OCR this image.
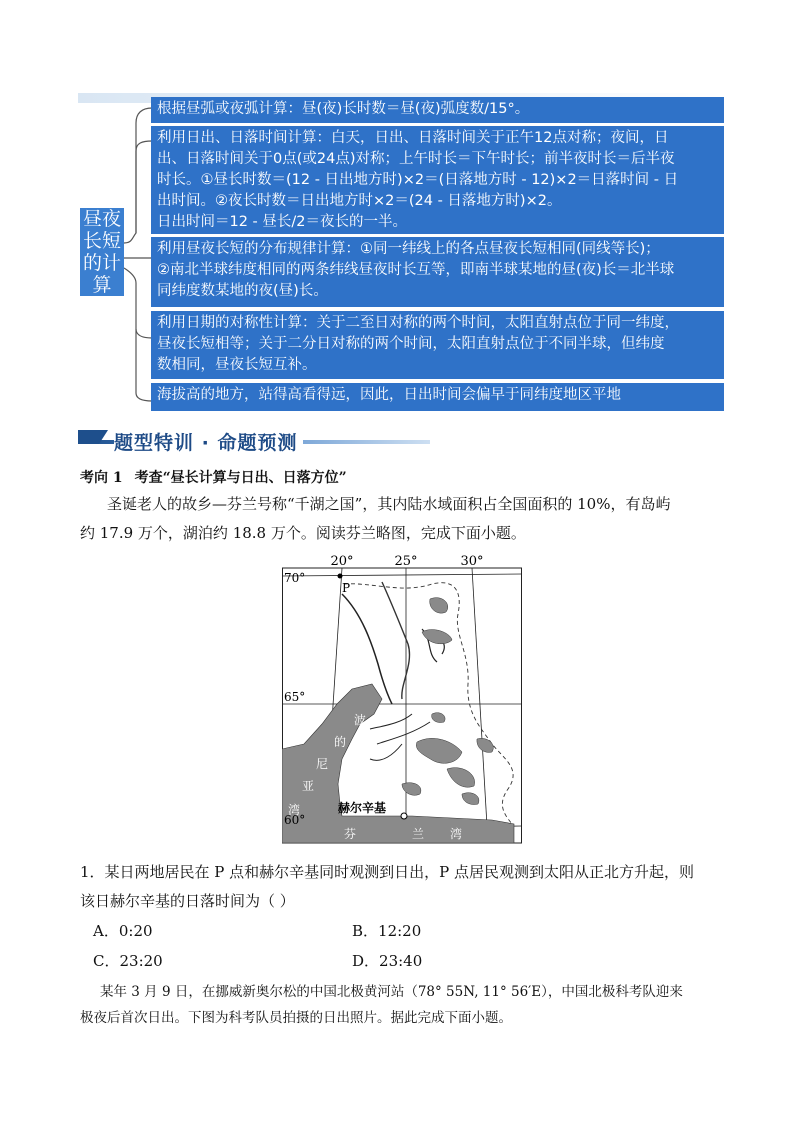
昼夜
长短
的计
算
根据昼弧或夜弧计算：昼(夜)长时数＝昼(夜)弧度数/15°。
利用日出、日落时间计算：白天，日出、日落时间关于正午12点对称；夜间，日
出、日落时间关于0点(或24点)对称；上午时长＝下午时长；前半夜时长＝后半夜
时长。①昼长时数＝(12 - 日出地方时)×2＝(日落地方时 - 12)×2＝日落时间 - 日
出时间。②夜长时数＝日出地方时×2＝(24 - 日落地方时)×2。
日出时间＝12 - 昼长/2＝夜长的一半。
利用昼夜长短的分布规律计算：①同一纬线上的各点昼夜长短相同(同线等长)；
②南北半球纬度相同的两条纬线昼夜时长互等，即南半球某地的昼(夜)长＝北半球
同纬度数某地的夜(昼)长。
利用日期的对称性计算：关于二至日对称的两个时间，太阳直射点位于同一纬度，
昼夜长短相等；关于二分日对称的两个时间，太阳直射点位于不同半球，但纬度
数相同，昼夜长短互补。
海拔高的地方，站得高看得远，因此，日出时间会偏早于同纬度地区平地
题型特训 · 命题预测
考向 1 考查“昼长计算与日出、日落方位”
圣诞老人的故乡—芬兰号称“千湖之国”，其内陆水域面积占全国面积的 10%，有岛屿
约 17.9 万个，湖泊约 18.8 万个。阅读芬兰略图，完成下面小题。
20°	25°	30°
70°
65°
60°
P
波
的
尼
亚
湾	赫尔辛基
芬	兰 湾
1．某日两地居民在 P 点和赫尔辛基同时观测到日出，P 点居民观测到太阳从正北方升起，则
该日赫尔辛基的日落时间为（ ）
A．0:20	B．12:20
C．23:20	D．23:40
某年 3 月 9 日，在挪威新奥尔松的中国北极黄河站（78° 55N, 11° 56′E），中国北极科考队迎来
极夜后首次日出。下图为科考队员拍摄的日出照片。据此完成下面小题。
